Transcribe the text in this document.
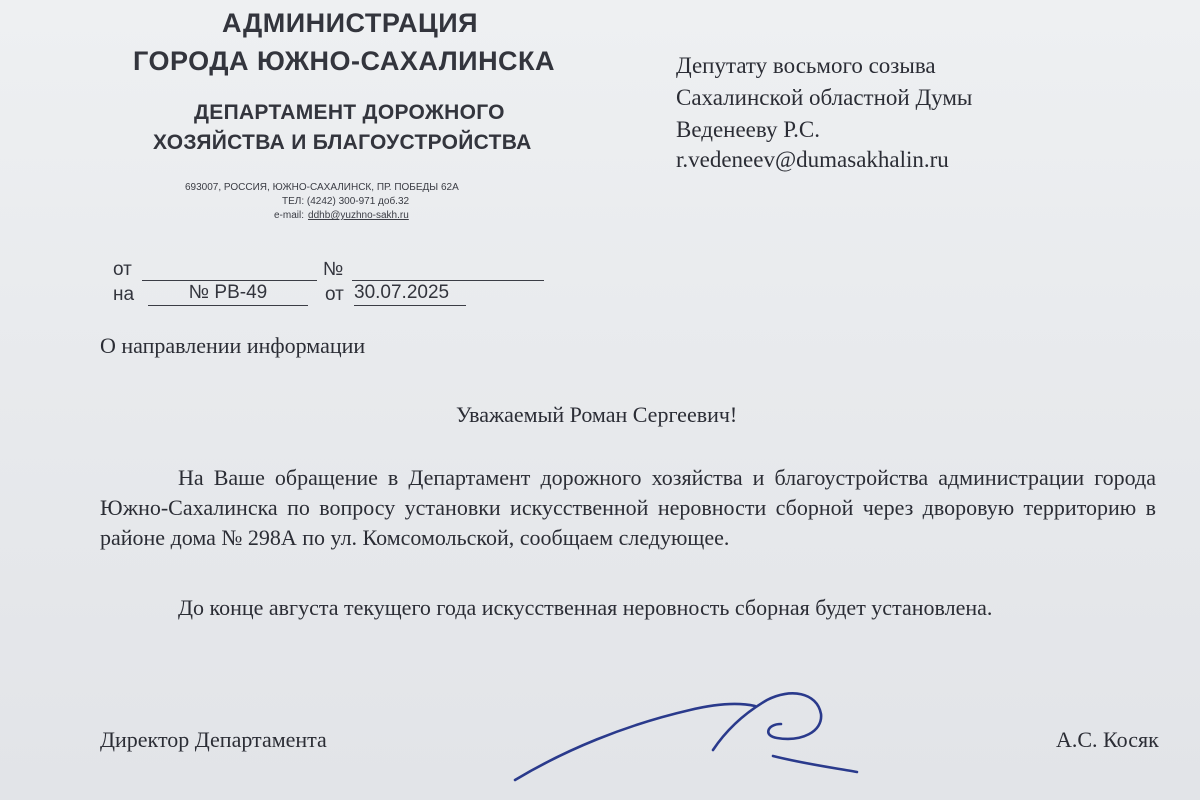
АДМИНИСТРАЦИЯ

ГОРОДА ЮЖНО-САХАЛИНСКА

ДЕПАРТАМЕНТ ДОРОЖНОГО

ХОЗЯЙСТВА И БЛАГОУСТРОЙСТВА

693007, РОССИЯ, ЮЖНО-САХАЛИНСК, ПР. ПОБЕДЫ 62А

ТЕЛ: (4242) 300-971 доб.32

e-mail: ddhb@yuzhno-sakh.ru

Депутату восьмого созыва

Сахалинской областной Думы

Веденееву Р.С.

r.vedeneev@dumasakhalin.ru

от	№

на	№ РВ-49	от 30.07.2025

О направлении информации

Уважаемый Роман Сергеевич!

На Ваше обращение в Департамент дорожного хозяйства и благоустройства администрации города Южно-Сахалинска по вопросу установки искусственной неровности сборной через дворовую территорию в районе дома № 298А по ул. Комсомольской, сообщаем следующее.

До конце августа текущего года искусственная неровность сборная будет установлена.

Директор Департамента	А.С. Косяк
